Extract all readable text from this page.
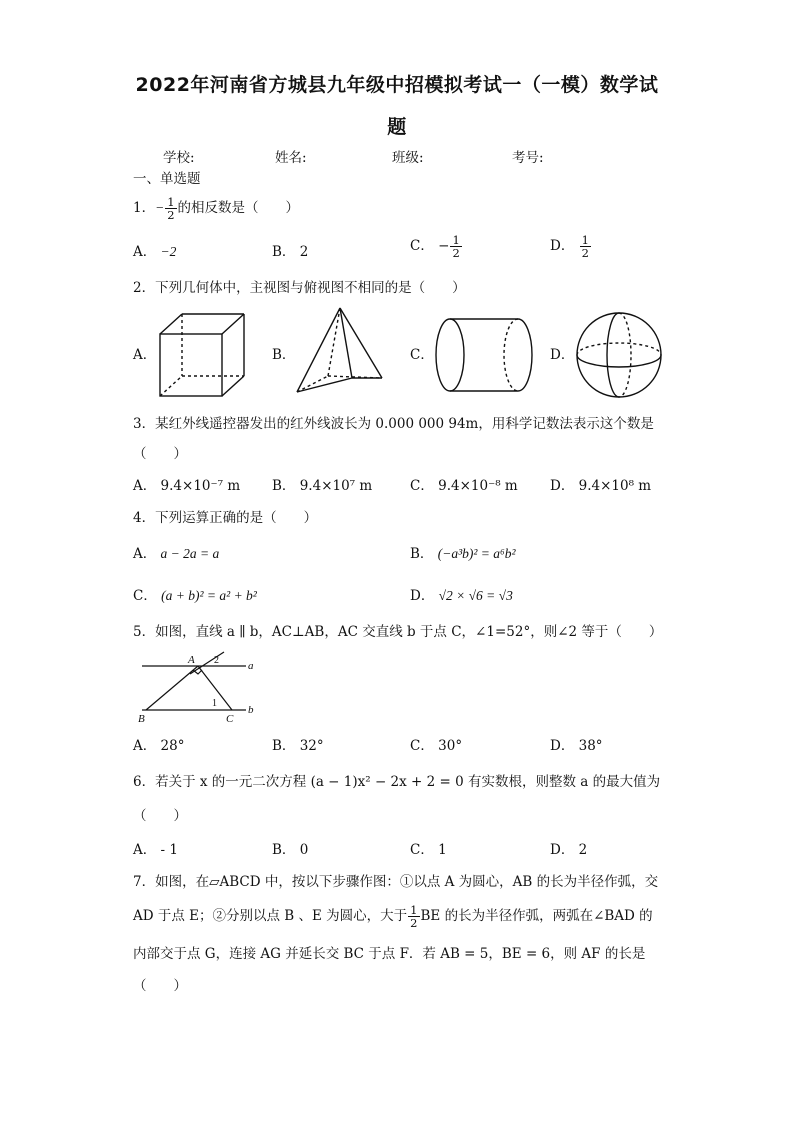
2022年河南省方城县九年级中招模拟考试一（一模）数学试
题
学校:	姓名:	班级:	考号:
一、单选题
1．− $\frac{1}{2}$ 的相反数是（　　）
A． −2	B． 2	C． − $\frac{1}{2}$	D． $\frac{1}{2}$
2．下列几何体中，主视图与俯视图不相同的是（　　）
A．	B．	C．	D．
3．某红外线遥控器发出的红外线波长为 0.000 000 94m，用科学记数法表示这个数是
（　　）
A． 9.4×10⁻⁷ m B． 9.4×10⁷ m	C． 9.4×10⁻⁸ m D． 9.4×10⁸ m
4．下列运算正确的是（　　）
A． a − 2a = a	B． (−a³b)² = a⁶b²
C． (a + b)² = a² + b²	D． √2 × √6 = √3
5．如图，直线 a ∥ b，AC⊥AB，AC 交直线 b 于点 C，∠1=52°，则∠2 等于（　　）
A
B	C
a
b
1
2
A． 28°	B． 32°	C． 30°	D． 38°
6．若关于 x 的一元二次方程 (a − 1)x² − 2x + 2 = 0 有实数根，则整数 a 的最大值为
（　　）
A． - 1	B． 0	C． 1	D． 2
7．如图，在▱ABCD 中，按以下步骤作图：①以点 A 为圆心，AB 的长为半径作弧，交
AD 于点 E；②分别以点 B 、E 为圆心，大于 $\frac{1}{2}$ BE 的长为半径作弧，两弧在∠BAD 的
内部交于点 G，连接 AG 并延长交 BC 于点 F．若 AB = 5，BE = 6，则 AF 的长是
（　　）
